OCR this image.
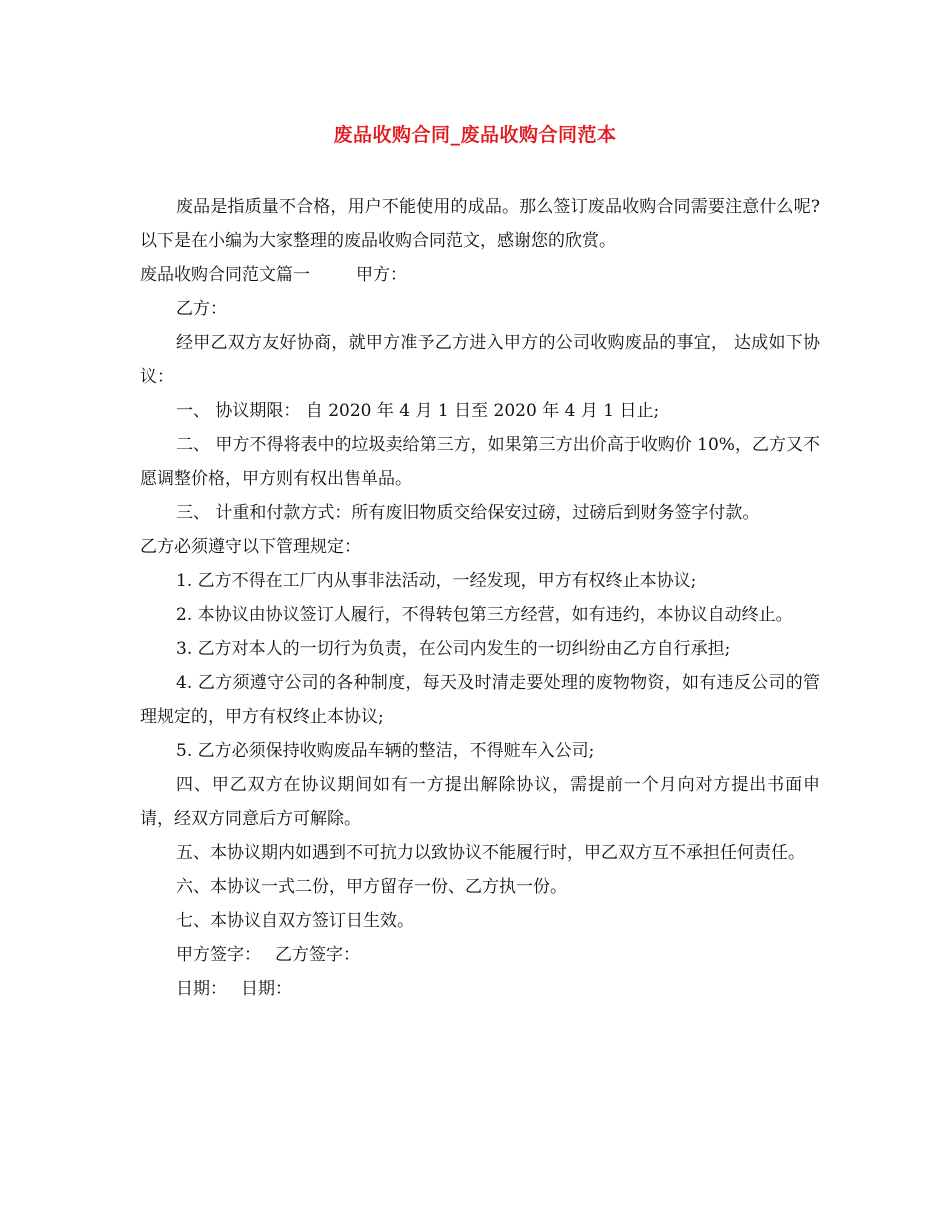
废品收购合同_废品收购合同范本

废品是指质量不合格，用户不能使用的成品。那么签订废品收购合同需要注意什么呢?以下是在小编为大家整理的废品收购合同范文，感谢您的欣赏。

废品收购合同范文篇一	甲方：

乙方：

经甲乙双方友好协商，就甲方准予乙方进入甲方的公司收购废品的事宜， 达成如下协议：

一、 协议期限： 自 2020 年 4 月 1 日至 2020 年 4 月 1 日止;

二、 甲方不得将表中的垃圾卖给第三方，如果第三方出价高于收购价 10%，乙方又不愿调整价格，甲方则有权出售单品。

三、 计重和付款方式：所有废旧物质交给保安过磅，过磅后到财务签字付款。

乙方必须遵守以下管理规定：

1. 乙方不得在工厂内从事非法活动，一经发现，甲方有权终止本协议;

2. 本协议由协议签订人履行，不得转包第三方经营，如有违约，本协议自动终止。

3. 乙方对本人的一切行为负责，在公司内发生的一切纠纷由乙方自行承担;

4. 乙方须遵守公司的各种制度，每天及时清走要处理的废物物资，如有违反公司的管理规定的，甲方有权终止本协议;

5. 乙方必须保持收购废品车辆的整洁，不得赃车入公司;

四、甲乙双方在协议期间如有一方提出解除协议，需提前一个月向对方提出书面申请，经双方同意后方可解除。

五、本协议期内如遇到不可抗力以致协议不能履行时，甲乙双方互不承担任何责任。

六、本协议一式二份，甲方留存一份、乙方执一份。

七、本协议自双方签订日生效。

甲方签字： 乙方签字：

日期： 日期：
